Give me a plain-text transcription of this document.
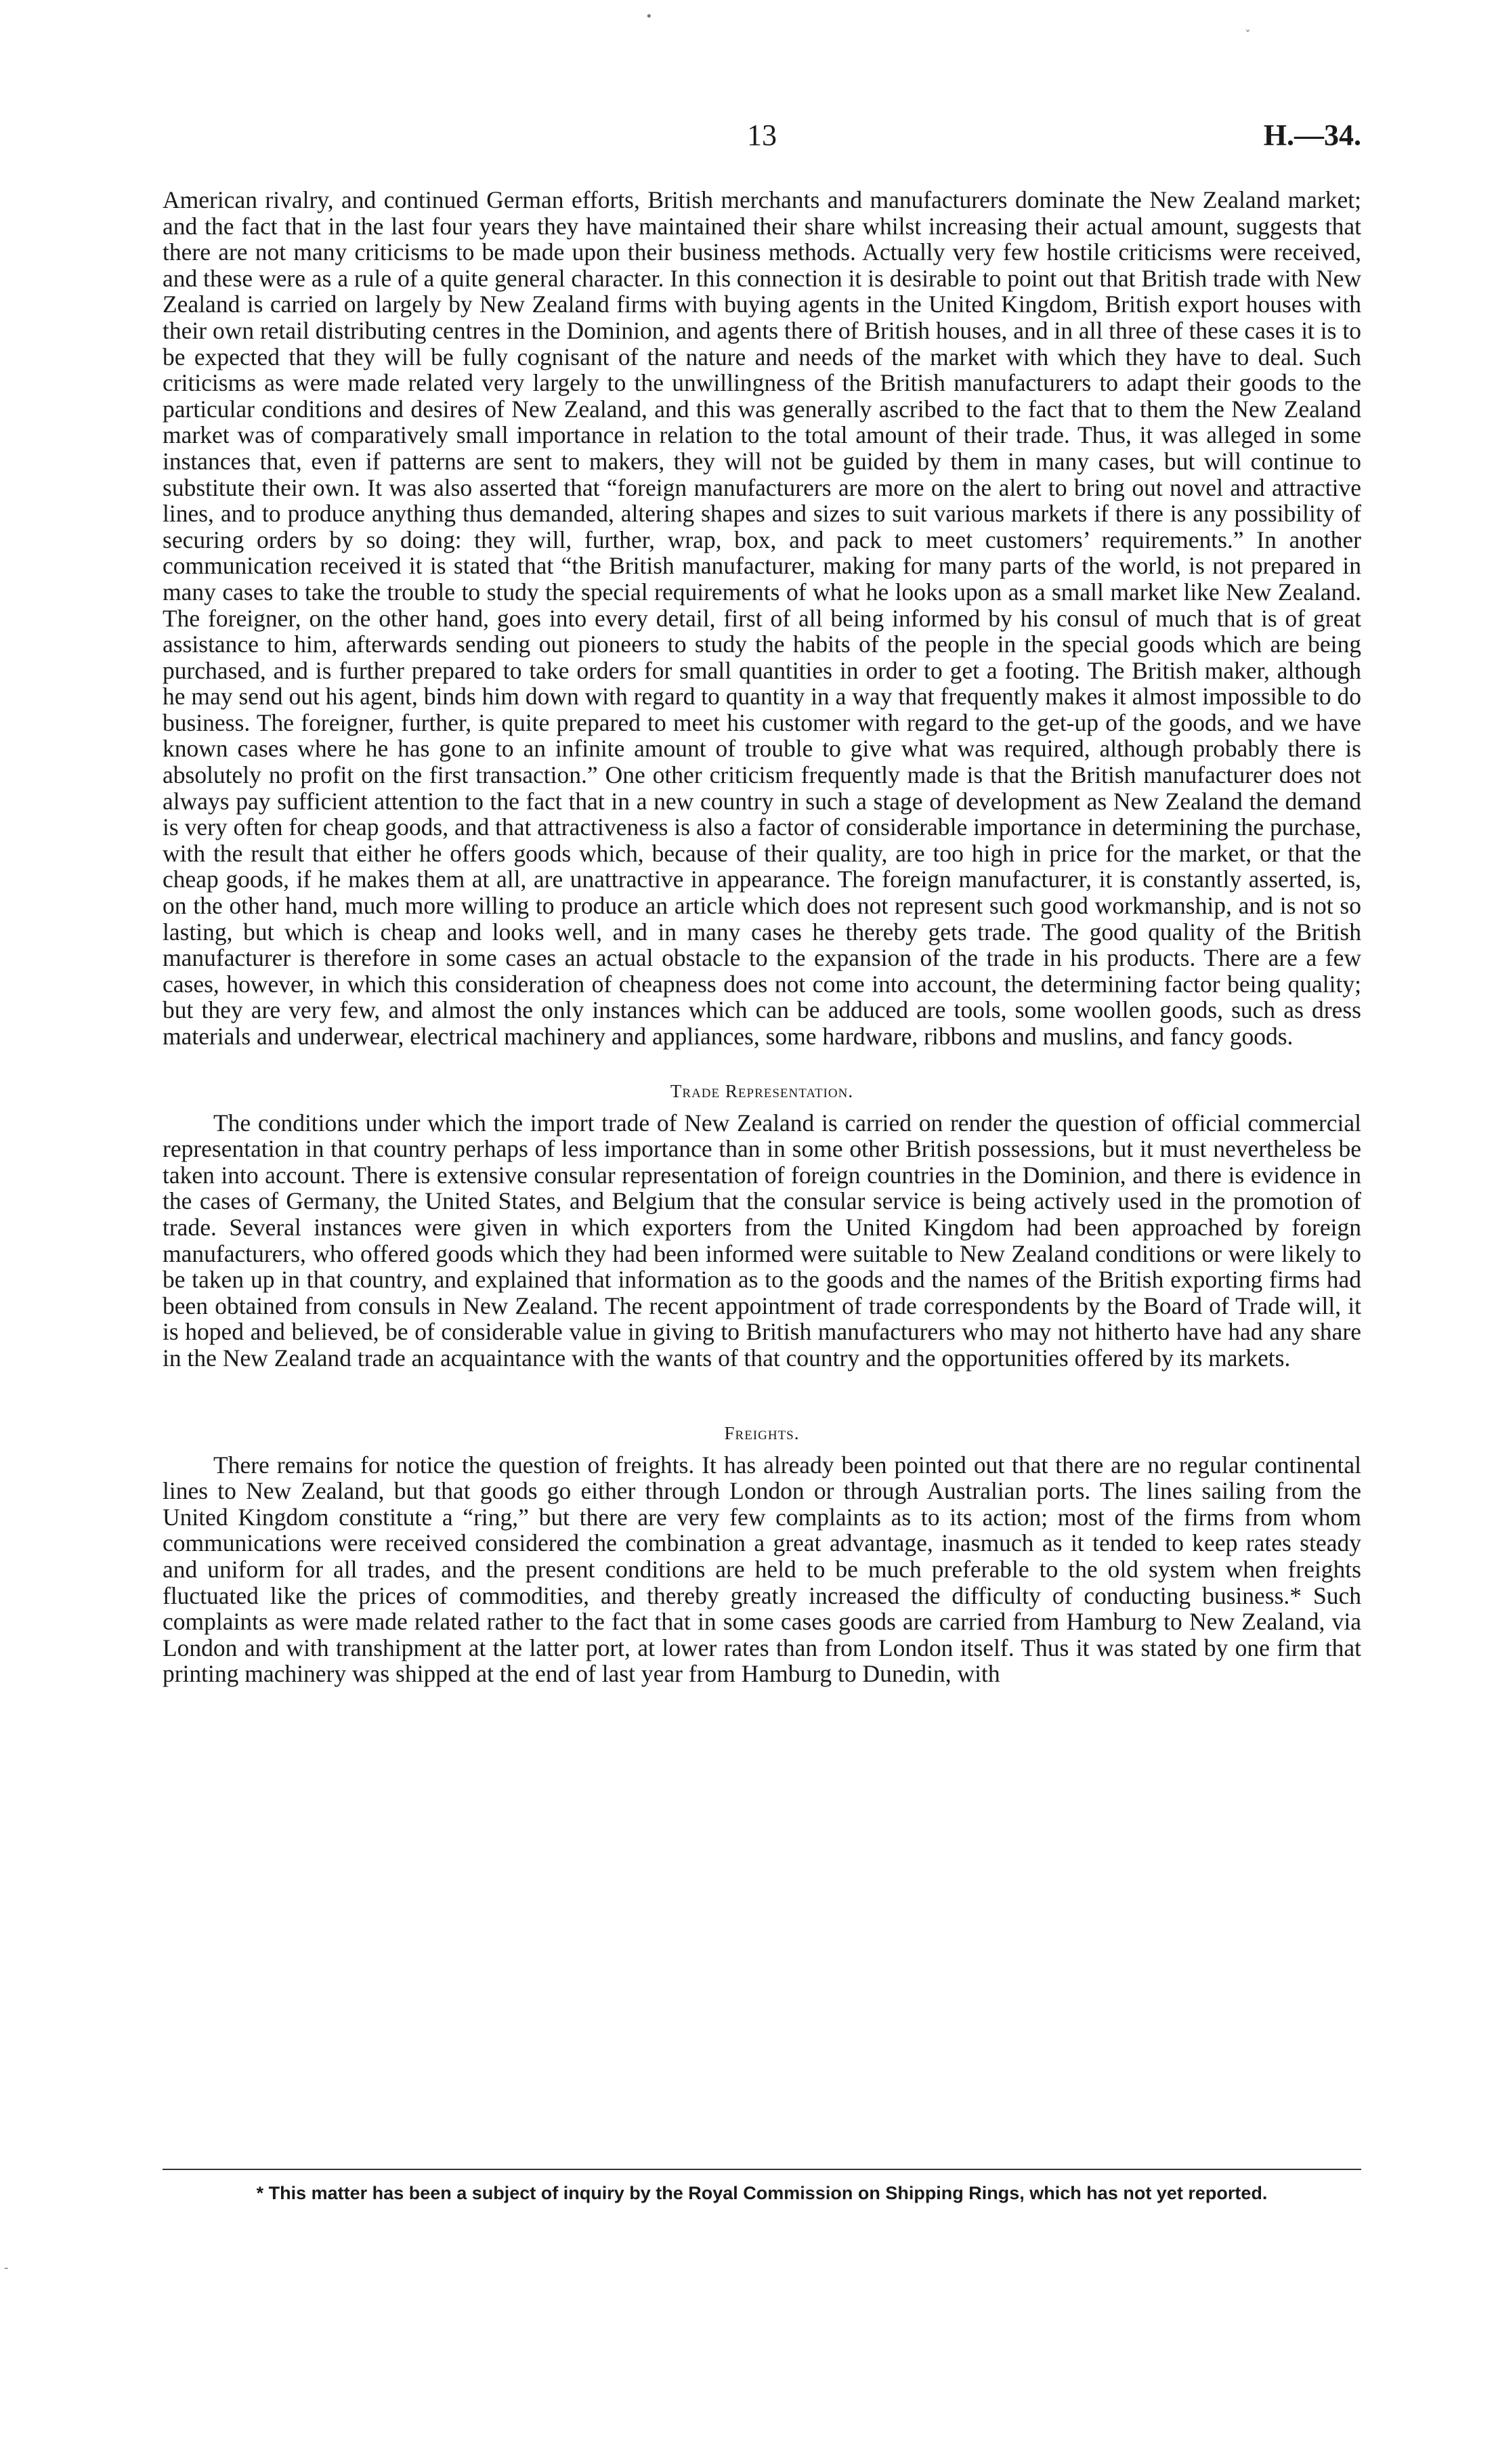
•
ˇ
‐
13	H.—34.

American rivalry, and continued German efforts, British merchants and manufacturers dominate the New Zealand market; and the fact that in the last four years they have maintained their share whilst increasing their actual amount, suggests that there are not many criticisms to be made upon their business methods. Actually very few hostile criticisms were received, and these were as a rule of a quite general character. In this connection it is desirable to point out that British trade with New Zealand is carried on largely by New Zealand firms with buying agents in the United Kingdom, British export houses with their own retail distributing centres in the Dominion, and agents there of British houses, and in all three of these cases it is to be expected that they will be fully cognisant of the nature and needs of the market with which they have to deal. Such criticisms as were made related very largely to the unwillingness of the British manufacturers to adapt their goods to the particular conditions and desires of New Zealand, and this was generally ascribed to the fact that to them the New Zealand market was of comparatively small importance in relation to the total amount of their trade. Thus, it was alleged in some instances that, even if patterns are sent to makers, they will not be guided by them in many cases, but will continue to substitute their own. It was also asserted that “foreign manufacturers are more on the alert to bring out novel and attractive lines, and to produce anything thus demanded, altering shapes and sizes to suit various markets if there is any possibility of securing orders by so doing: they will, further, wrap, box, and pack to meet customers’ requirements.” In another communication received it is stated that “the British manufacturer, making for many parts of the world, is not prepared in many cases to take the trouble to study the special requirements of what he looks upon as a small market like New Zealand. The foreigner, on the other hand, goes into every detail, first of all being informed by his consul of much that is of great assistance to him, afterwards sending out pioneers to study the habits of the people in the special goods which are being purchased, and is further prepared to take orders for small quantities in order to get a footing. The British maker, although he may send out his agent, binds him down with regard to quantity in a way that frequently makes it almost impossible to do business. The foreigner, further, is quite prepared to meet his customer with regard to the get-up of the goods, and we have known cases where he has gone to an infinite amount of trouble to give what was required, although probably there is absolutely no profit on the first transaction.” One other criticism frequently made is that the British manufacturer does not always pay sufficient attention to the fact that in a new country in such a stage of development as New Zealand the demand is very often for cheap goods, and that attractiveness is also a factor of considerable importance in determining the purchase, with the result that either he offers goods which, because of their quality, are too high in price for the market, or that the cheap goods, if he makes them at all, are unattractive in appearance. The foreign manufacturer, it is constantly asserted, is, on the other hand, much more willing to produce an article which does not represent such good workmanship, and is not so lasting, but which is cheap and looks well, and in many cases he thereby gets trade. The good quality of the British manufacturer is therefore in some cases an actual obstacle to the expansion of the trade in his products. There are a few cases, however, in which this consideration of cheapness does not come into account, the determining factor being quality; but they are very few, and almost the only instances which can be adduced are tools, some woollen goods, such as dress materials and underwear, electrical machinery and appliances, some hardware, ribbons and muslins, and fancy goods.

Trade Representation.

The conditions under which the import trade of New Zealand is carried on render the question of official commercial representation in that country perhaps of less importance than in some other British possessions, but it must nevertheless be taken into account. There is extensive consular representation of foreign countries in the Dominion, and there is evidence in the cases of Germany, the United States, and Belgium that the consular service is being actively used in the promotion of trade. Several instances were given in which exporters from the United Kingdom had been approached by foreign manufacturers, who offered goods which they had been informed were suitable to New Zealand conditions or were likely to be taken up in that country, and explained that information as to the goods and the names of the British exporting firms had been obtained from consuls in New Zealand. The recent appointment of trade correspondents by the Board of Trade will, it is hoped and believed, be of considerable value in giving to British manufacturers who may not hitherto have had any share in the New Zealand trade an acquaintance with the wants of that country and the opportunities offered by its markets.

Freights.

There remains for notice the question of freights. It has already been pointed out that there are no regular continental lines to New Zealand, but that goods go either through London or through Australian ports. The lines sailing from the United Kingdom constitute a “ring,” but there are very few complaints as to its action; most of the firms from whom communications were received considered the combination a great advantage, inasmuch as it tended to keep rates steady and uniform for all trades, and the present conditions are held to be much preferable to the old system when freights fluctuated like the prices of commodities, and thereby greatly increased the difficulty of conducting business.* Such complaints as were made related rather to the fact that in some cases goods are carried from Hamburg to New Zealand, via London and with transhipment at the latter port, at lower rates than from London itself. Thus it was stated by one firm that printing machinery was shipped at the end of last year from Hamburg to Dunedin, with

* This matter has been a subject of inquiry by the Royal Commission on Shipping Rings, which has not yet reported.
